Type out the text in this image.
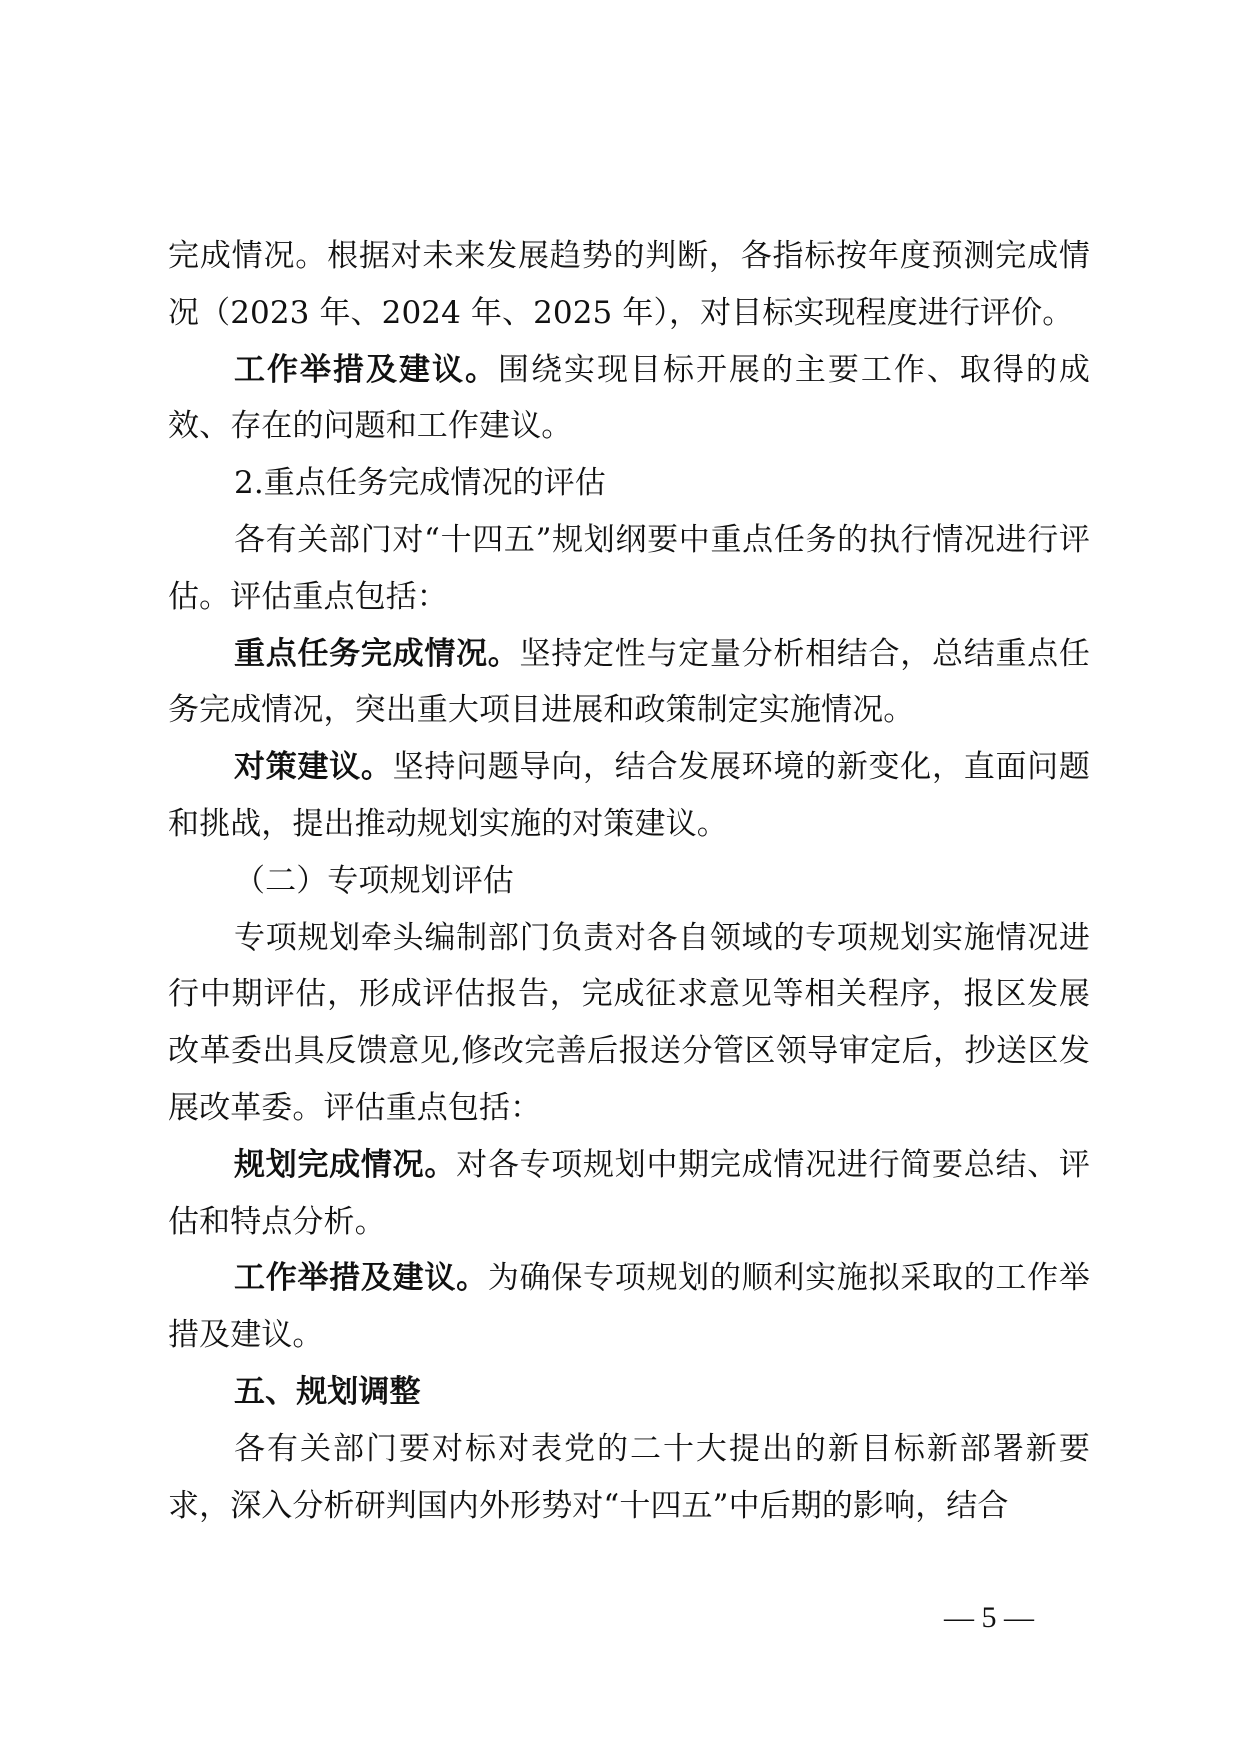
完成情况。根据对未来发展趋势的判断，各指标按年度预测完成情况（2023 年、2024 年、2025 年），对目标实现程度进行评价。

工作举措及建议。围绕实现目标开展的主要工作、取得的成效、存在的问题和工作建议。

2.重点任务完成情况的评估

各有关部门对“十四五”规划纲要中重点任务的执行情况进行评估。评估重点包括：

重点任务完成情况。坚持定性与定量分析相结合，总结重点任务完成情况，突出重大项目进展和政策制定实施情况。

对策建议。坚持问题导向，结合发展环境的新变化，直面问题和挑战，提出推动规划实施的对策建议。

（二）专项规划评估

专项规划牵头编制部门负责对各自领域的专项规划实施情况进行中期评估，形成评估报告，完成征求意见等相关程序，报区发展改革委出具反馈意见,修改完善后报送分管区领导审定后，抄送区发展改革委。评估重点包括：

规划完成情况。对各专项规划中期完成情况进行简要总结、评估和特点分析。

工作举措及建议。为确保专项规划的顺利实施拟采取的工作举措及建议。

五、规划调整

各有关部门要对标对表党的二十大提出的新目标新部署新要求，深入分析研判国内外形势对“十四五”中后期的影响，结合

— 5 —
